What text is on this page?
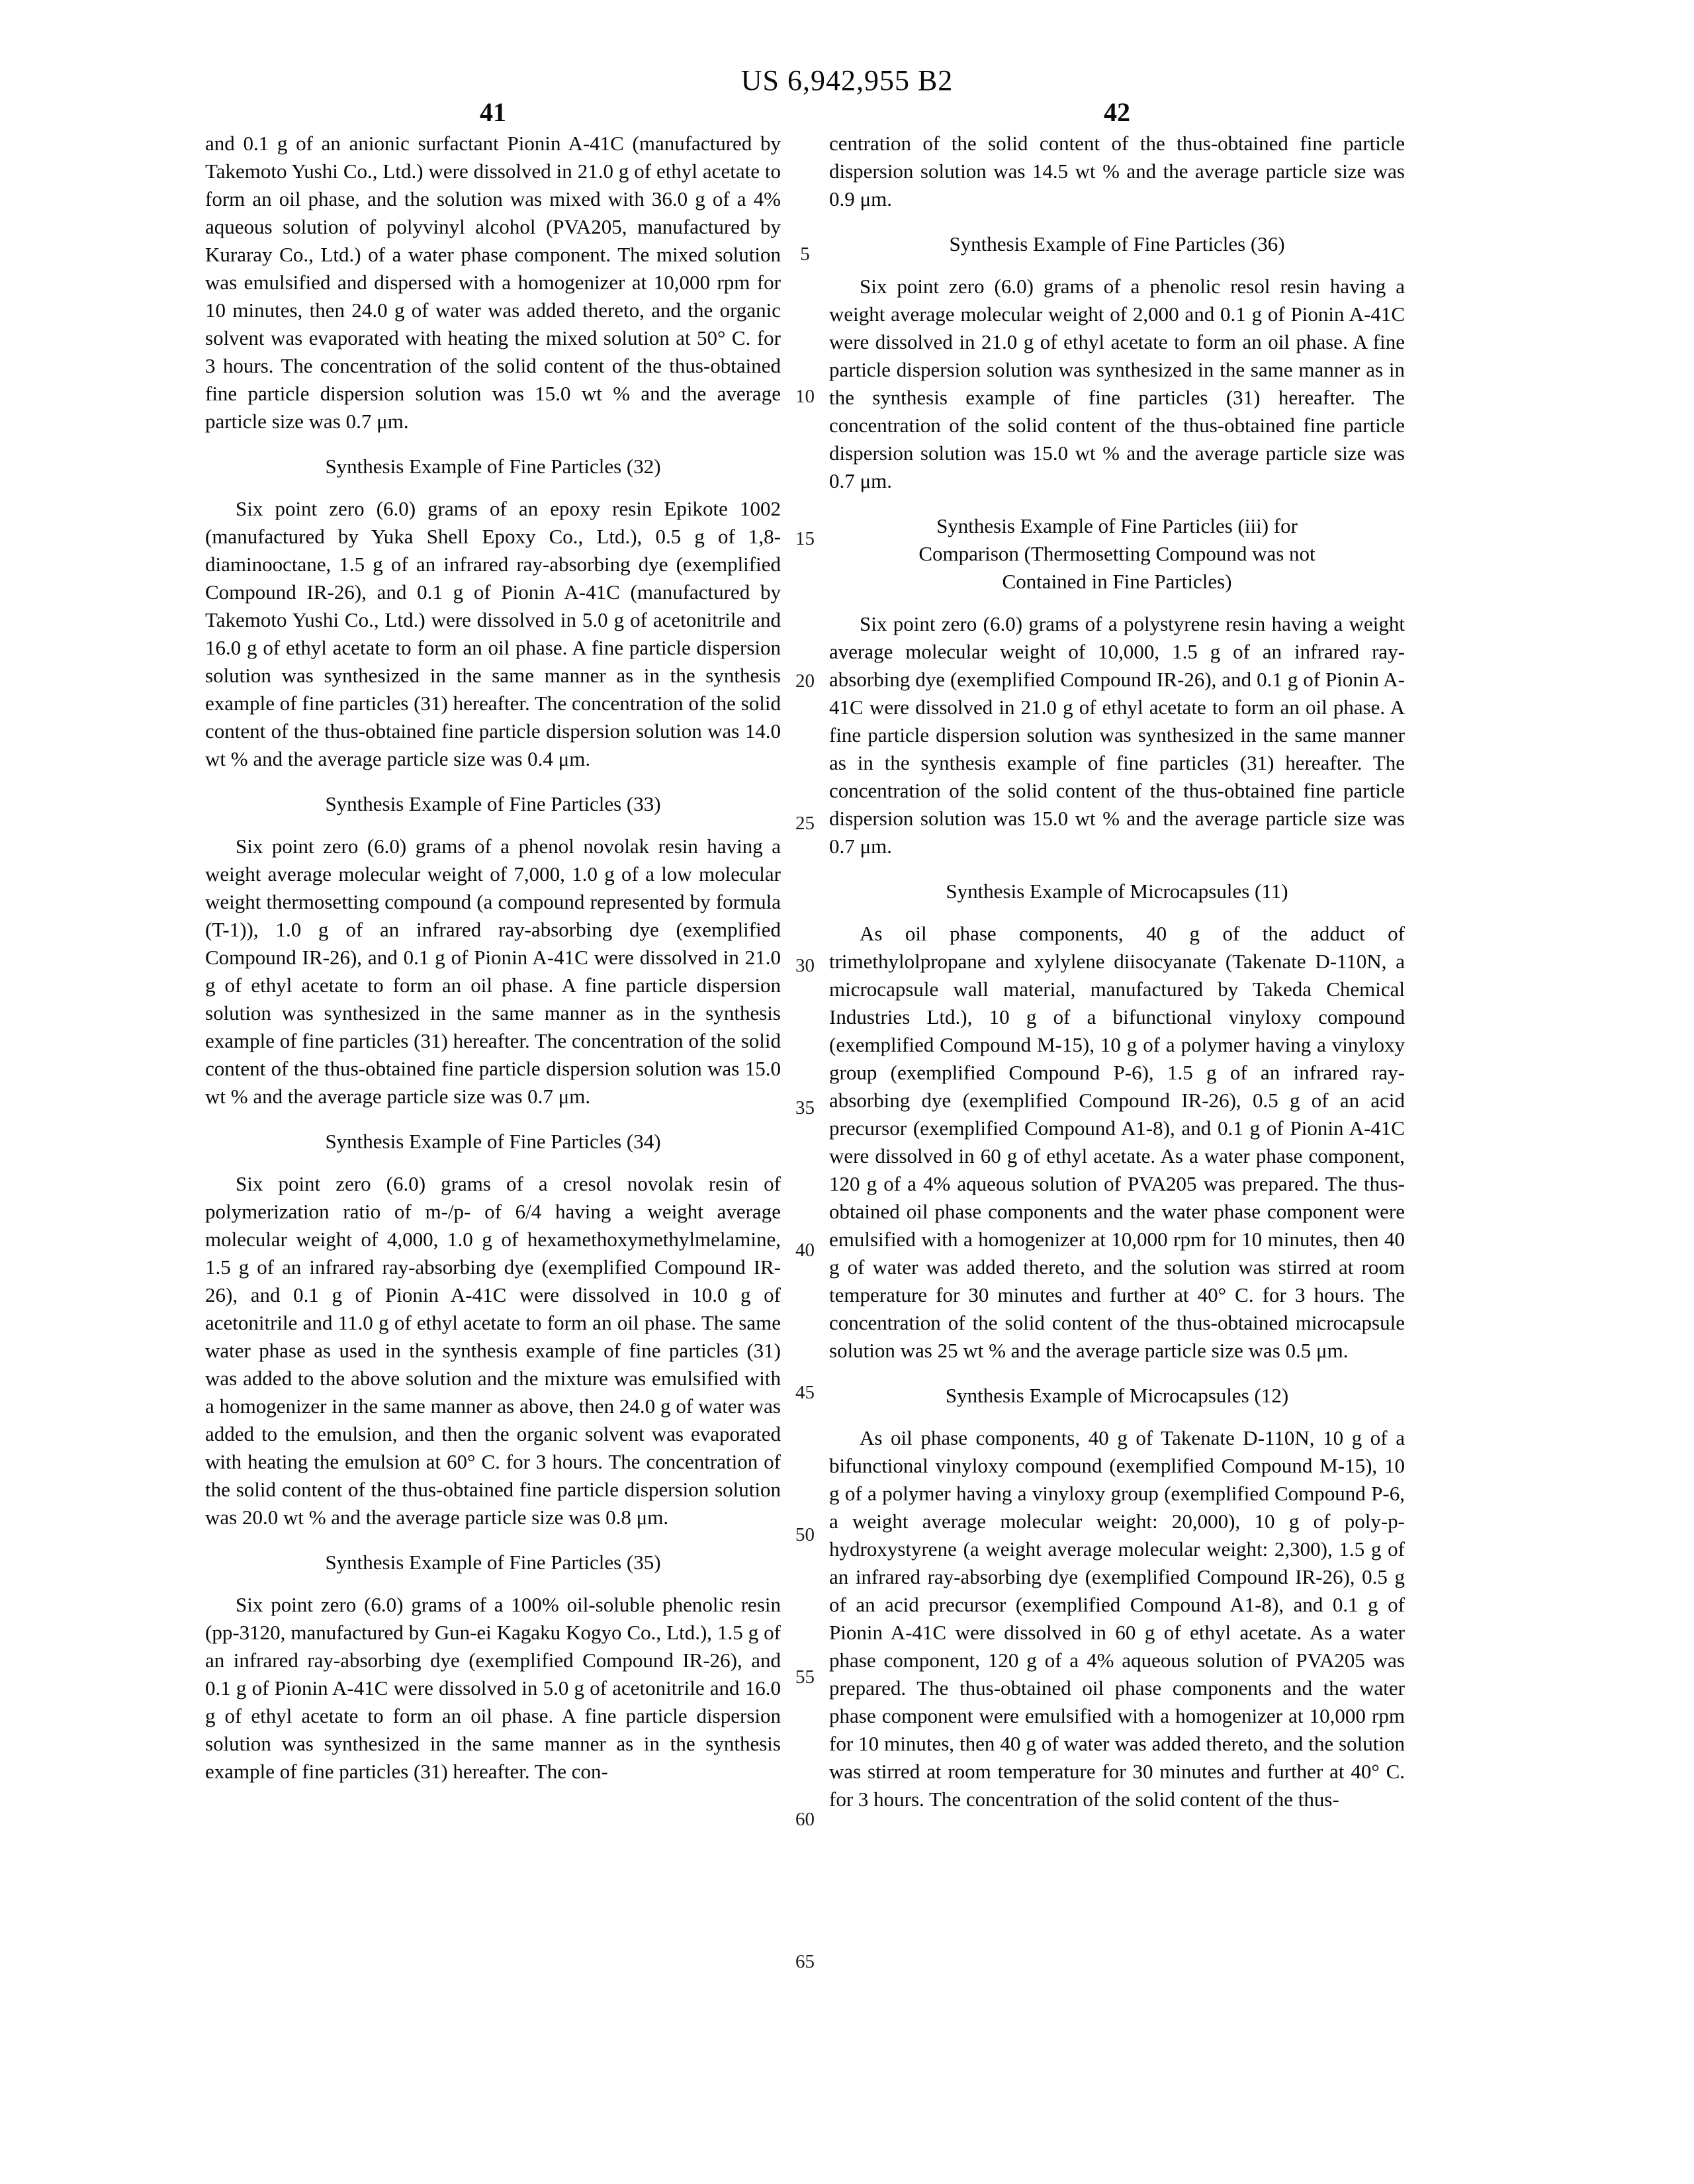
US 6,942,955 B2
41	42
5
10
15
20
25
30
35
40
45
50
55
60
65

and 0.1 g of an anionic surfactant Pionin A-41C (manufactured by Takemoto Yushi Co., Ltd.) were dissolved in 21.0 g of ethyl acetate to form an oil phase, and the solution was mixed with 36.0 g of a 4% aqueous solution of polyvinyl alcohol (PVA205, manufactured by Kuraray Co., Ltd.) of a water phase component. The mixed solution was emulsified and dispersed with a homogenizer at 10,000 rpm for 10 minutes, then 24.0 g of water was added thereto, and the organic solvent was evaporated with heating the mixed solution at 50° C. for 3 hours. The concentration of the solid content of the thus-obtained fine particle dispersion solution was 15.0 wt % and the average particle size was 0.7 μm.

Synthesis Example of Fine Particles (32)

Six point zero (6.0) grams of an epoxy resin Epikote 1002 (manufactured by Yuka Shell Epoxy Co., Ltd.), 0.5 g of 1,8-diaminooctane, 1.5 g of an infrared ray-absorbing dye (exemplified Compound IR-26), and 0.1 g of Pionin A-41C (manufactured by Takemoto Yushi Co., Ltd.) were dissolved in 5.0 g of acetonitrile and 16.0 g of ethyl acetate to form an oil phase. A fine particle dispersion solution was synthesized in the same manner as in the synthesis example of fine particles (31) hereafter. The concentration of the solid content of the thus-obtained fine particle dispersion solution was 14.0 wt % and the average particle size was 0.4 μm.

Synthesis Example of Fine Particles (33)

Six point zero (6.0) grams of a phenol novolak resin having a weight average molecular weight of 7,000, 1.0 g of a low molecular weight thermosetting compound (a compound represented by formula (T-1)), 1.0 g of an infrared ray-absorbing dye (exemplified Compound IR-26), and 0.1 g of Pionin A-41C were dissolved in 21.0 g of ethyl acetate to form an oil phase. A fine particle dispersion solution was synthesized in the same manner as in the synthesis example of fine particles (31) hereafter. The concentration of the solid content of the thus-obtained fine particle dispersion solution was 15.0 wt % and the average particle size was 0.7 μm.

Synthesis Example of Fine Particles (34)

Six point zero (6.0) grams of a cresol novolak resin of polymerization ratio of m-/p- of 6/4 having a weight average molecular weight of 4,000, 1.0 g of hexamethoxymethylmelamine, 1.5 g of an infrared ray-absorbing dye (exemplified Compound IR-26), and 0.1 g of Pionin A-41C were dissolved in 10.0 g of acetonitrile and 11.0 g of ethyl acetate to form an oil phase. The same water phase as used in the synthesis example of fine particles (31) was added to the above solution and the mixture was emulsified with a homogenizer in the same manner as above, then 24.0 g of water was added to the emulsion, and then the organic solvent was evaporated with heating the emulsion at 60° C. for 3 hours. The concentration of the solid content of the thus-obtained fine particle dispersion solution was 20.0 wt % and the average particle size was 0.8 μm.

Synthesis Example of Fine Particles (35)

Six point zero (6.0) grams of a 100% oil-soluble phenolic resin (pp-3120, manufactured by Gun-ei Kagaku Kogyo Co., Ltd.), 1.5 g of an infrared ray-absorbing dye (exemplified Compound IR-26), and 0.1 g of Pionin A-41C were dissolved in 5.0 g of acetonitrile and 16.0 g of ethyl acetate to form an oil phase. A fine particle dispersion solution was synthesized in the same manner as in the synthesis example of fine particles (31) hereafter. The con-

centration of the solid content of the thus-obtained fine particle dispersion solution was 14.5 wt % and the average particle size was 0.9 μm.

Synthesis Example of Fine Particles (36)

Six point zero (6.0) grams of a phenolic resol resin having a weight average molecular weight of 2,000 and 0.1 g of Pionin A-41C were dissolved in 21.0 g of ethyl acetate to form an oil phase. A fine particle dispersion solution was synthesized in the same manner as in the synthesis example of fine particles (31) hereafter. The concentration of the solid content of the thus-obtained fine particle dispersion solution was 15.0 wt % and the average particle size was 0.7 μm.

Synthesis Example of Fine Particles (iii) for Comparison (Thermosetting Compound was not Contained in Fine Particles)

Six point zero (6.0) grams of a polystyrene resin having a weight average molecular weight of 10,000, 1.5 g of an infrared ray-absorbing dye (exemplified Compound IR-26), and 0.1 g of Pionin A-41C were dissolved in 21.0 g of ethyl acetate to form an oil phase. A fine particle dispersion solution was synthesized in the same manner as in the synthesis example of fine particles (31) hereafter. The concentration of the solid content of the thus-obtained fine particle dispersion solution was 15.0 wt % and the average particle size was 0.7 μm.

Synthesis Example of Microcapsules (11)

As oil phase components, 40 g of the adduct of trimethylolpropane and xylylene diisocyanate (Takenate D-110N, a microcapsule wall material, manufactured by Takeda Chemical Industries Ltd.), 10 g of a bifunctional vinyloxy compound (exemplified Compound M-15), 10 g of a polymer having a vinyloxy group (exemplified Compound P-6), 1.5 g of an infrared ray-absorbing dye (exemplified Compound IR-26), 0.5 g of an acid precursor (exemplified Compound A1-8), and 0.1 g of Pionin A-41C were dissolved in 60 g of ethyl acetate. As a water phase component, 120 g of a 4% aqueous solution of PVA205 was prepared. The thus-obtained oil phase components and the water phase component were emulsified with a homogenizer at 10,000 rpm for 10 minutes, then 40 g of water was added thereto, and the solution was stirred at room temperature for 30 minutes and further at 40° C. for 3 hours. The concentration of the solid content of the thus-obtained microcapsule solution was 25 wt % and the average particle size was 0.5 μm.

Synthesis Example of Microcapsules (12)

As oil phase components, 40 g of Takenate D-110N, 10 g of a bifunctional vinyloxy compound (exemplified Compound M-15), 10 g of a polymer having a vinyloxy group (exemplified Compound P-6, a weight average molecular weight: 20,000), 10 g of poly-p-hydroxystyrene (a weight average molecular weight: 2,300), 1.5 g of an infrared ray-absorbing dye (exemplified Compound IR-26), 0.5 g of an acid precursor (exemplified Compound A1-8), and 0.1 g of Pionin A-41C were dissolved in 60 g of ethyl acetate. As a water phase component, 120 g of a 4% aqueous solution of PVA205 was prepared. The thus-obtained oil phase components and the water phase component were emulsified with a homogenizer at 10,000 rpm for 10 minutes, then 40 g of water was added thereto, and the solution was stirred at room temperature for 30 minutes and further at 40° C. for 3 hours. The concentration of the solid content of the thus-
